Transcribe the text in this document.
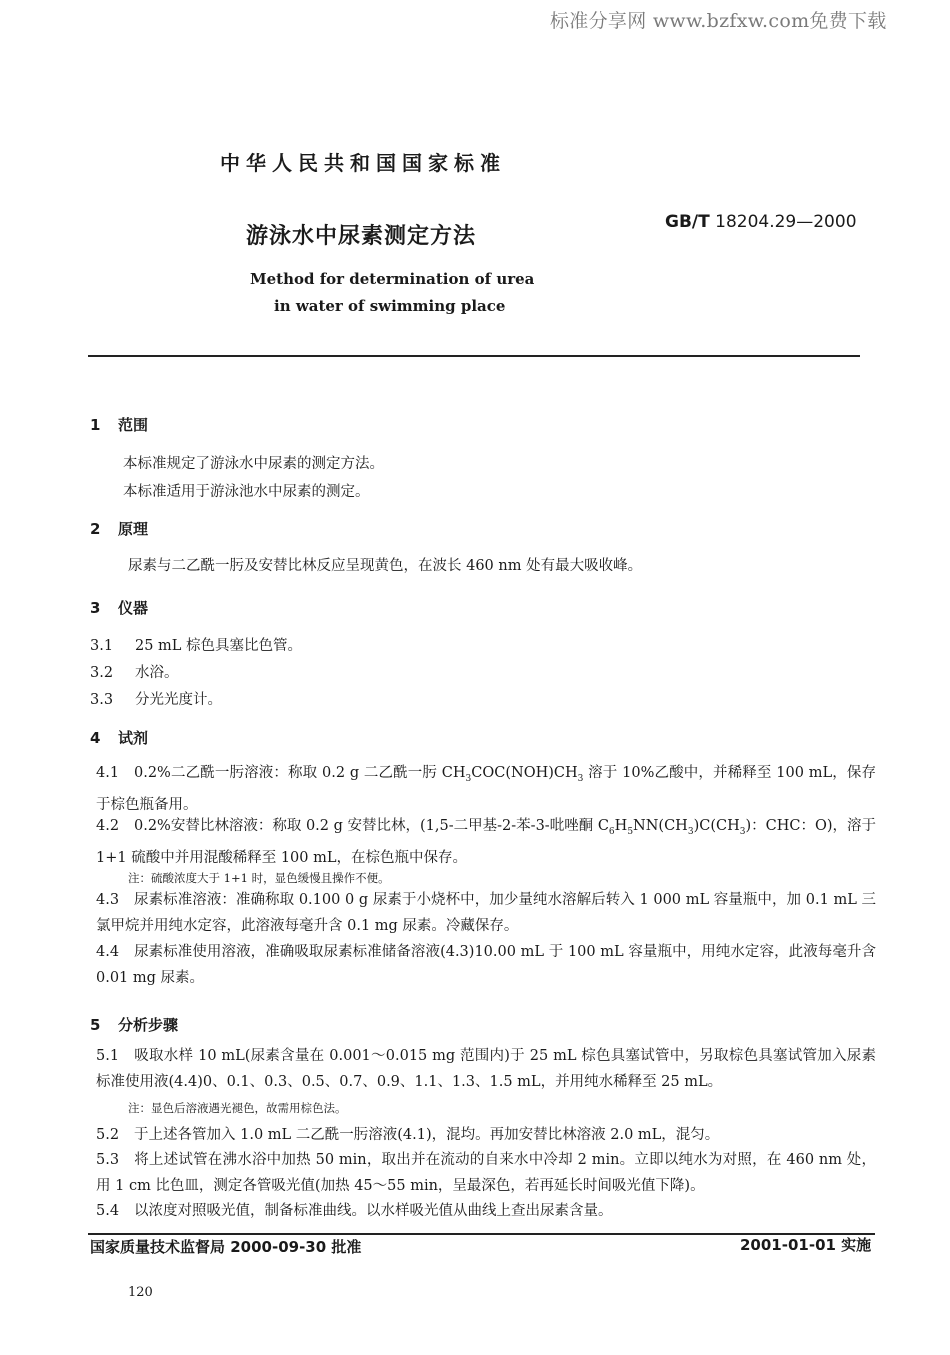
标准分享网 www.bzfxw.com免费下载
中华人民共和国国家标准
游泳水中尿素测定方法
GB/T 18204.29—2000
Method for determination of urea
in water of swimming place
1 范围
本标准规定了游泳水中尿素的测定方法。
本标准适用于游泳池水中尿素的测定。
2 原理
尿素与二乙酰一肟及安替比林反应呈现黄色，在波长 460 nm 处有最大吸收峰。
3 仪器
3.1 25 mL 棕色具塞比色管。
3.2 水浴。
3.3 分光光度计。
4 试剂
4.1 0.2%二乙酰一肟溶液：称取 0.2 g 二乙酰一肟 $CH_3COC(NOH)CH_3$ 溶于 10%乙酸中，并稀释至 100 mL，保存于棕色瓶备用。
4.2 0.2%安替比林溶液：称取 0.2 g 安替比林，(1,5-二甲基-2-苯-3-吡唑酮 $C_6H_5NN(CH_3)C(CH_3)$：CHC：O)，溶于 1+1 硫酸中并用混酸稀释至 100 mL，在棕色瓶中保存。
注：硫酸浓度大于 1+1 时，显色缓慢且操作不便。
4.3 尿素标准溶液：准确称取 0.100 0 g 尿素于小烧杯中，加少量纯水溶解后转入 1 000 mL 容量瓶中，加 0.1 mL 三氯甲烷并用纯水定容，此溶液每毫升含 0.1 mg 尿素。冷藏保存。
4.4 尿素标准使用溶液，准确吸取尿素标准储备溶液(4.3)10.00 mL 于 100 mL 容量瓶中，用纯水定容，此液每毫升含 0.01 mg 尿素。
5 分析步骤
5.1 吸取水样 10 mL(尿素含量在 0.001～0.015 mg 范围内)于 25 mL 棕色具塞试管中，另取棕色具塞试管加入尿素标准使用液(4.4)0、0.1、0.3、0.5、0.7、0.9、1.1、1.3、1.5 mL，并用纯水稀释至 25 mL。
注：显色后溶液遇光褪色，故需用棕色法。
5.2 于上述各管加入 1.0 mL 二乙酰一肟溶液(4.1)，混均。再加安替比林溶液 2.0 mL，混匀。
5.3 将上述试管在沸水浴中加热 50 min，取出并在流动的自来水中冷却 2 min。立即以纯水为对照，在 460 nm 处，用 1 cm 比色皿，测定各管吸光值(加热 45～55 min，呈最深色，若再延长时间吸光值下降)。
5.4 以浓度对照吸光值，制备标准曲线。以水样吸光值从曲线上查出尿素含量。
国家质量技术监督局 2000-09-30 批准	2001-01-01 实施
120
